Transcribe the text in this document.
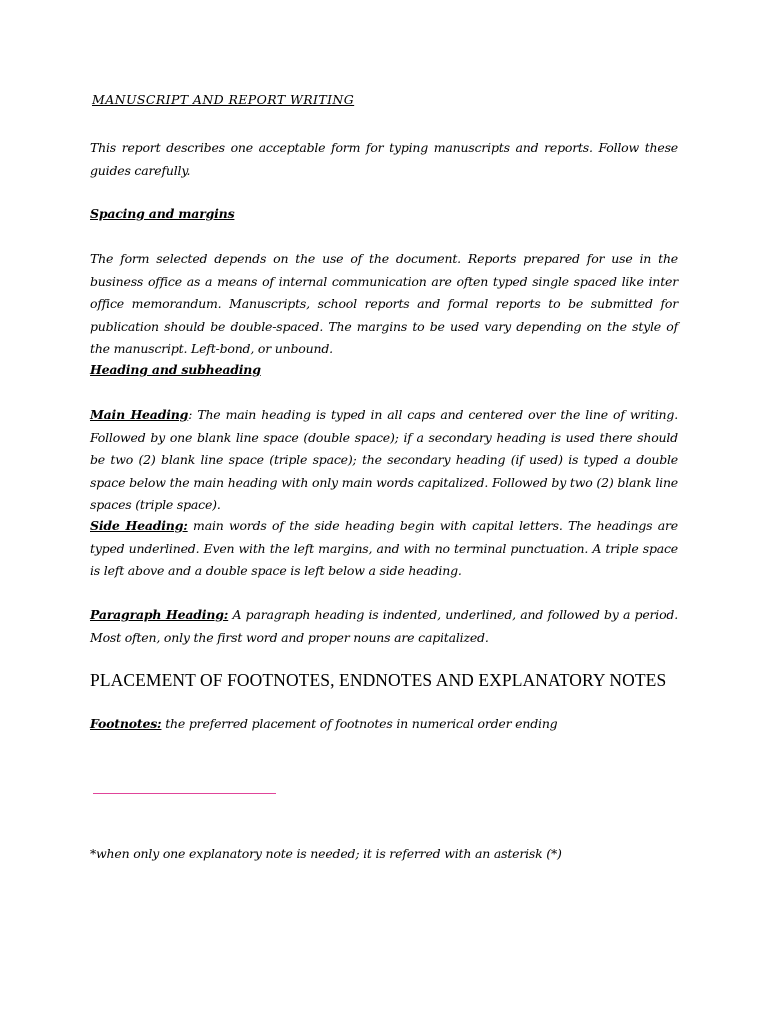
MANUSCRIPT AND REPORT WRITING
This report describes one acceptable form for typing manuscripts and reports. Follow these guides carefully.
Spacing and margins
The form selected depends on the use of the document. Reports prepared for use in the business office as a means of internal communication are often typed single spaced like inter office memorandum. Manuscripts, school reports and formal reports to be submitted for publication should be double-spaced. The margins to be used vary depending on the style of the manuscript. Left-bond, or unbound.
Heading and subheading
Main Heading: The main heading is typed in all caps and centered over the line of writing. Followed by one blank line space (double space); if a secondary heading is used there should be two (2) blank line space (triple space); the secondary heading (if used) is typed a double space below the main heading with only main words capitalized. Followed by two (2) blank line spaces (triple space).
Side Heading: main words of the side heading begin with capital letters. The headings are typed underlined. Even with the left margins, and with no terminal punctuation. A triple space is left above and a double space is left below a side heading.
Paragraph Heading: A paragraph heading is indented, underlined, and followed by a period. Most often, only the first word and proper nouns are capitalized.
PLACEMENT OF FOOTNOTES, ENDNOTES AND EXPLANATORY NOTES
Footnotes: the preferred placement of footnotes in numerical order ending
*when only one explanatory note is needed; it is referred with an asterisk (*)
